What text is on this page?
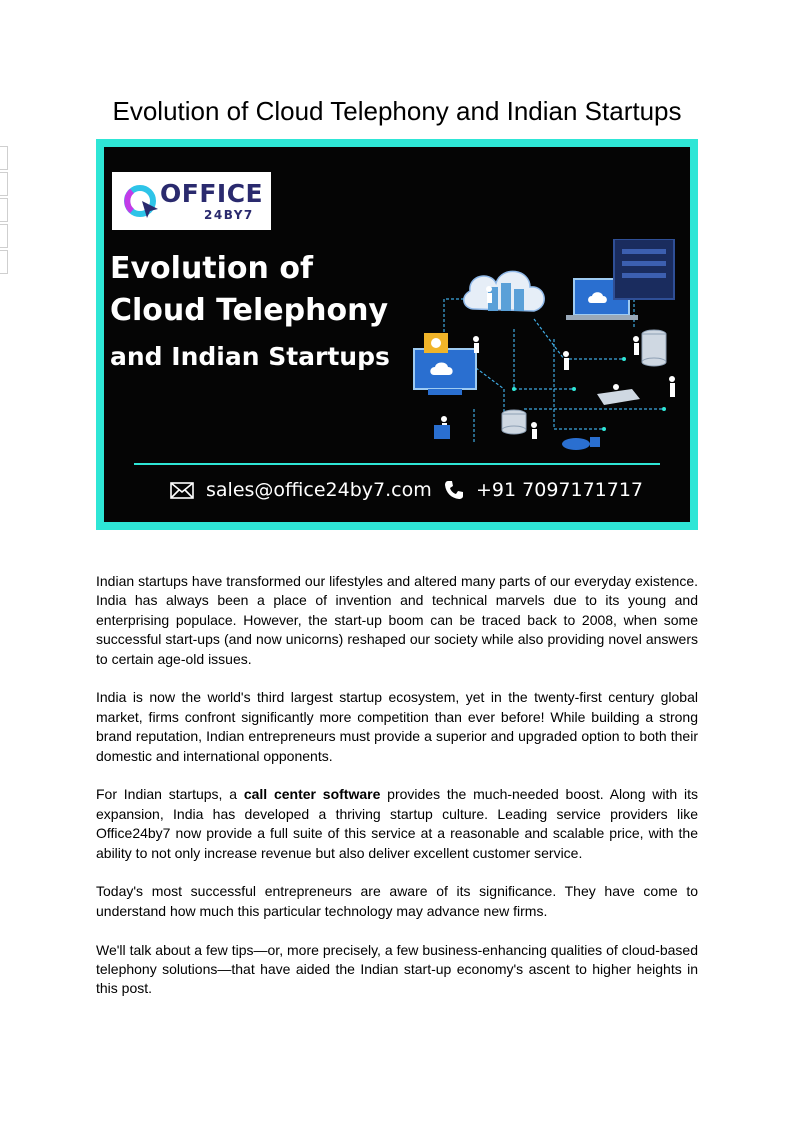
Evolution of Cloud Telephony and Indian Startups
OFFICE
24BY7
Evolution of
Cloud Telephony
and Indian Startups
sales@office24by7.com +91 7097171717

Indian startups have transformed our lifestyles and altered many parts of our everyday existence. India has always been a place of invention and technical marvels due to its young and enterprising populace. However, the start-up boom can be traced back to 2008, when some successful start-ups (and now unicorns) reshaped our society while also providing novel answers to certain age-old issues.

India is now the world's third largest startup ecosystem, yet in the twenty-first century global market, firms confront significantly more competition than ever before! While building a strong brand reputation, Indian entrepreneurs must provide a superior and upgraded option to both their domestic and international opponents.

For Indian startups, a call center software provides the much-needed boost. Along with its expansion, India has developed a thriving startup culture. Leading service providers like Office24by7 now provide a full suite of this service at a reasonable and scalable price, with the ability to not only increase revenue but also deliver excellent customer service.

Today's most successful entrepreneurs are aware of its significance. They have come to understand how much this particular technology may advance new firms.

We'll talk about a few tips—or, more precisely, a few business-enhancing qualities of cloud-based telephony solutions—that have aided the Indian start-up economy's ascent to higher heights in this post.
